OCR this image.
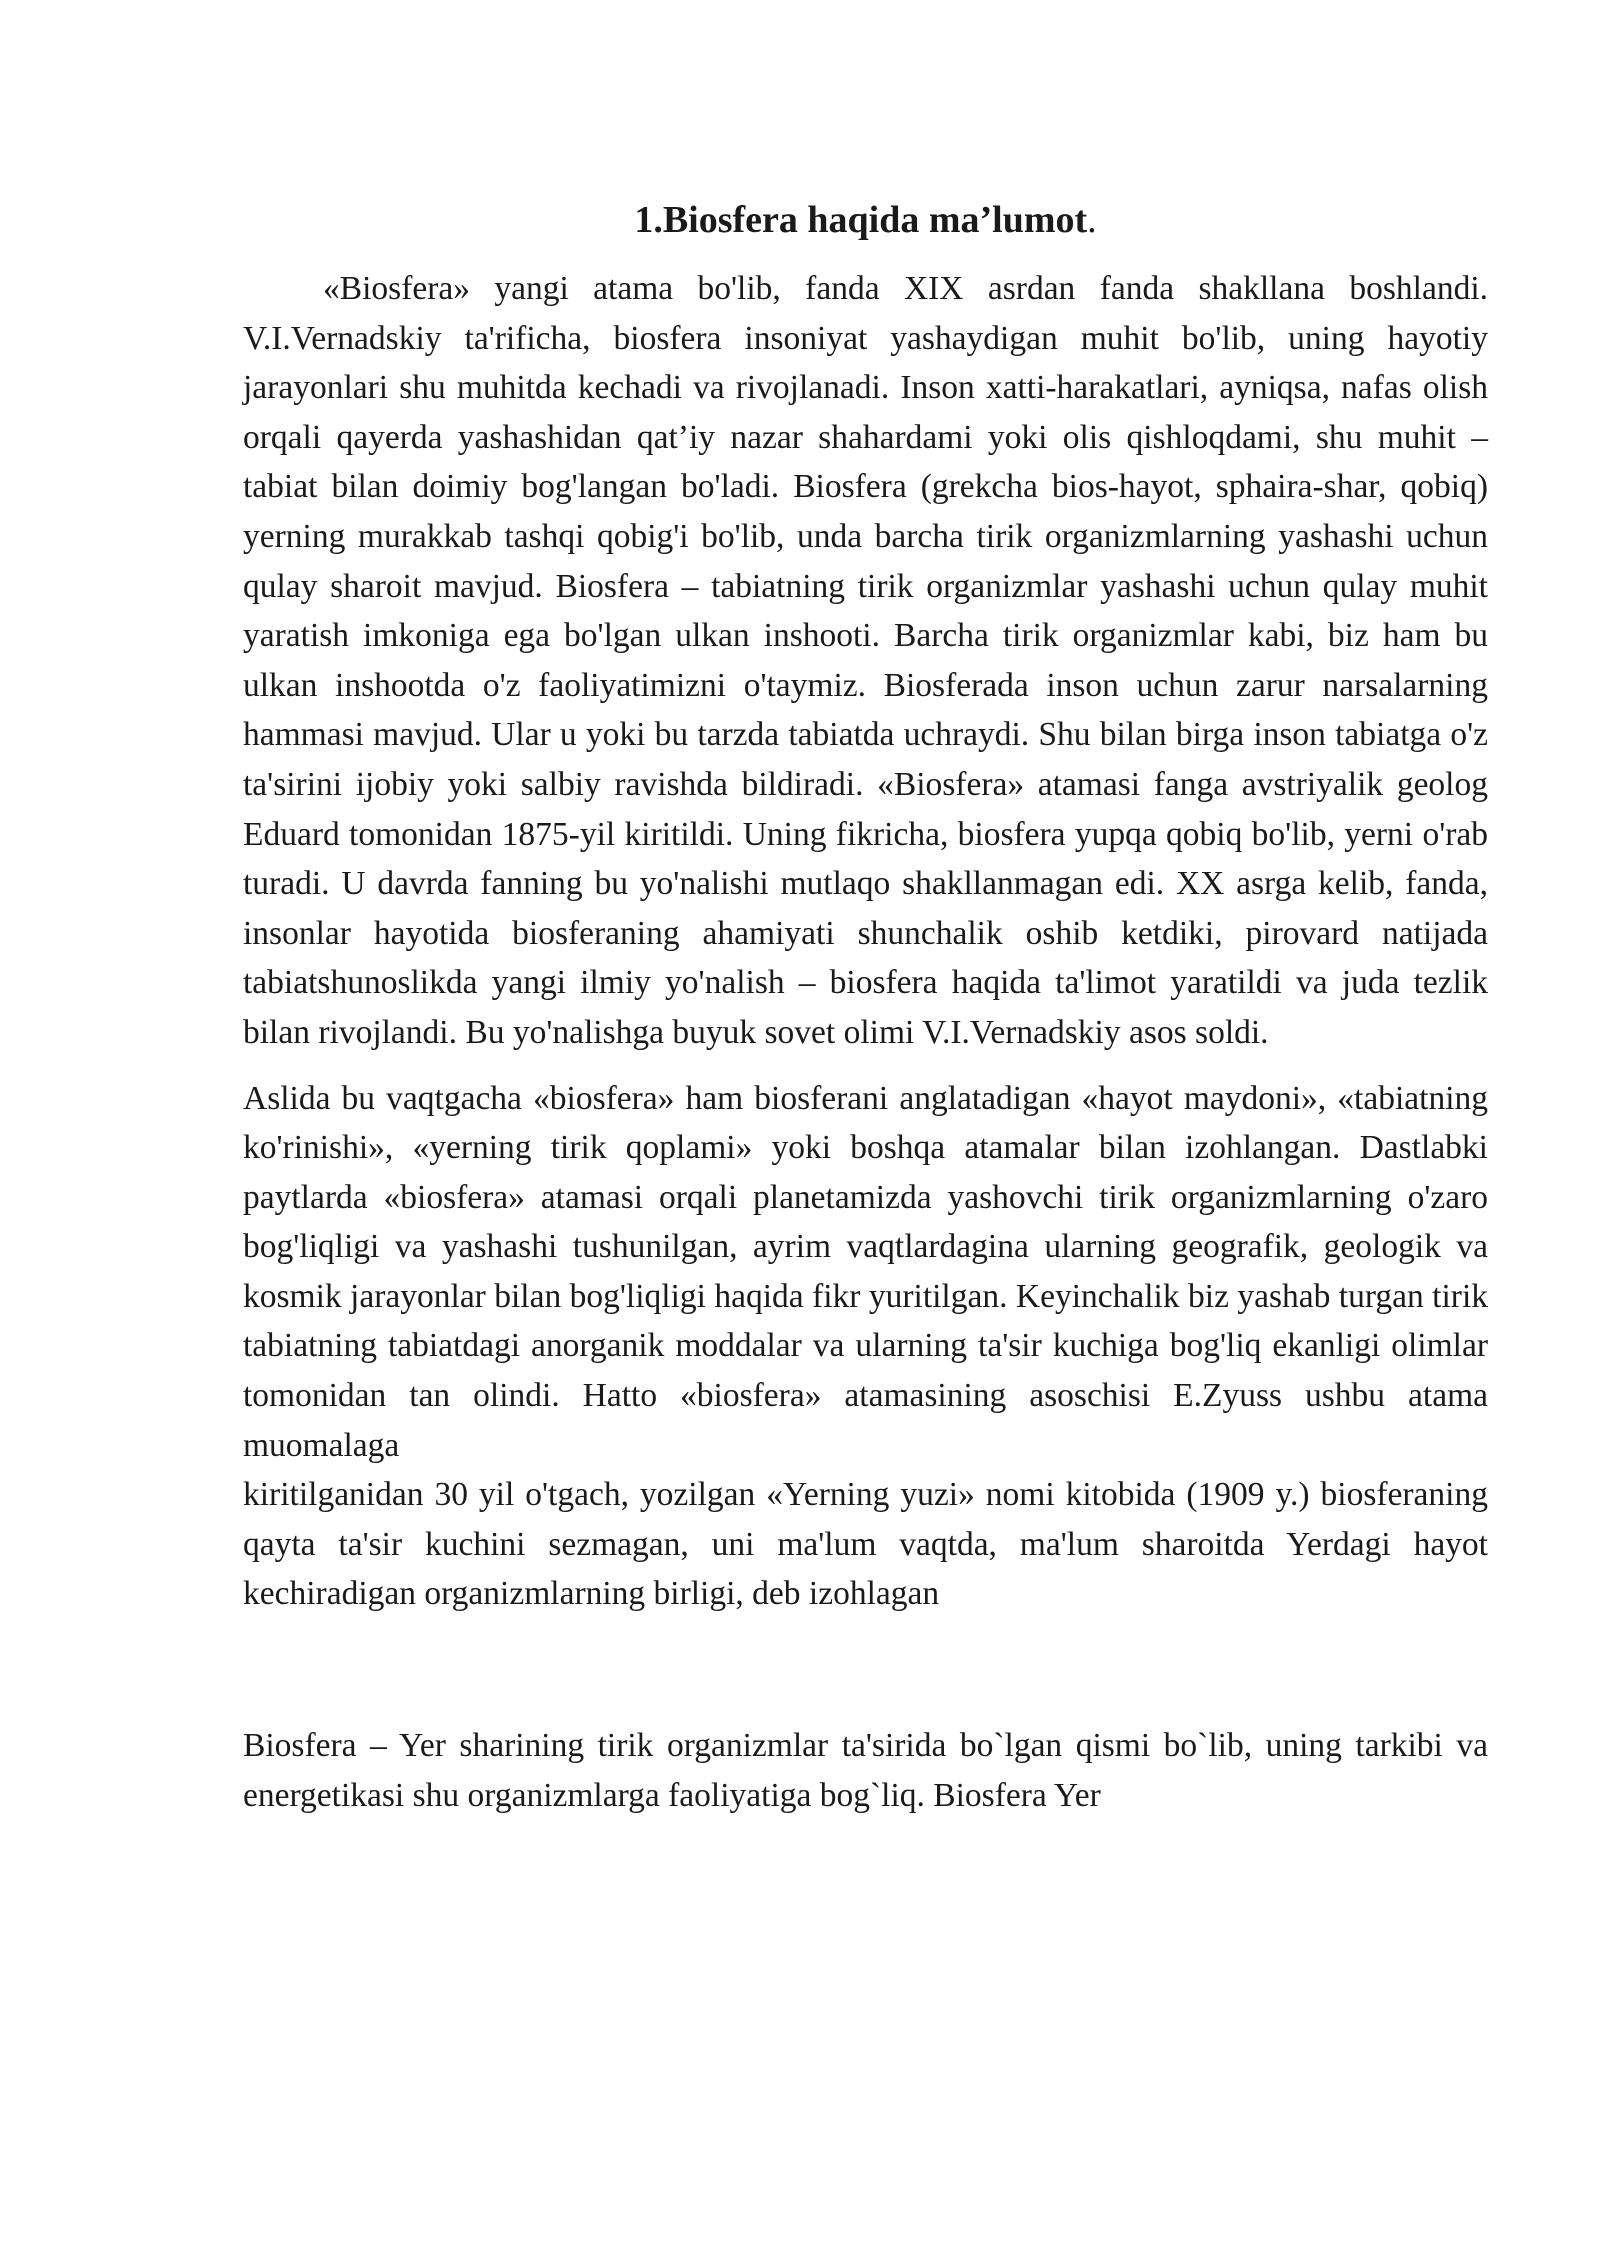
1.Biosfera haqida ma’lumot.

«Biosfera» yangi atama bo'lib, fanda XIX asrdan fanda shakllana boshlandi. V.I.Vernadskiy ta'rificha, biosfera insoniyat yashaydigan muhit bo'lib, uning hayotiy jarayonlari shu muhitda kechadi va rivojlanadi. Inson xatti-harakatlari, ayniqsa, nafas olish orqali qayerda yashashidan qat’iy nazar shahardami yoki olis qishloqdami, shu muhit – tabiat bilan doimiy bog'langan bo'ladi. Biosfera (grekcha bios-hayot, sphaira-shar, qobiq) yerning murakkab tashqi qobig'i bo'lib, unda barcha tirik organizmlarning yashashi uchun qulay sharoit mavjud. Biosfera – tabiatning tirik organizmlar yashashi uchun qulay muhit yaratish imkoniga ega bo'lgan ulkan inshooti. Barcha tirik organizmlar kabi, biz ham bu ulkan inshootda o'z faoliyatimizni o'taymiz. Biosferada inson uchun zarur narsalarning hammasi mavjud. Ular u yoki bu tarzda tabiatda uchraydi. Shu bilan birga inson tabiatga o'z ta'sirini ijobiy yoki salbiy ravishda bildiradi. «Biosfera» atamasi fanga avstriyalik geolog Eduard tomonidan 1875-yil kiritildi. Uning fikricha, biosfera yupqa qobiq bo'lib, yerni o'rab turadi. U davrda fanning bu yo'nalishi mutlaqo shakllanmagan edi. XX asrga kelib, fanda, insonlar hayotida biosferaning ahamiyati shunchalik oshib ketdiki, pirovard natijada tabiatshunoslikda yangi ilmiy yo'nalish – biosfera haqida ta'limot yaratildi va juda tezlik bilan rivojlandi. Bu yo'nalishga buyuk sovet olimi V.I.Vernadskiy asos soldi.

Aslida bu vaqtgacha «biosfera» ham biosferani anglatadigan «hayot maydoni», «tabiatning ko'rinishi», «yerning tirik qoplami» yoki boshqa atamalar bilan izohlangan. Dastlabki paytlarda «biosfera» atamasi orqali planetamizda yashovchi tirik organizmlarning o'zaro bog'liqligi va yashashi tushunilgan, ayrim vaqtlardagina ularning geografik, geologik va kosmik jarayonlar bilan bog'liqligi haqida fikr yuritilgan. Keyinchalik biz yashab turgan tirik tabiatning tabiatdagi anorganik moddalar va ularning ta'sir kuchiga bog'liq ekanligi olimlar tomonidan tan olindi. Hatto «biosfera» atamasining asoschisi E.Zyuss ushbu atama muomalaga

kiritilganidan 30 yil o'tgach, yozilgan «Yerning yuzi» nomi kitobida (1909 y.) biosferaning qayta ta'sir kuchini sezmagan, uni ma'lum vaqtda, ma'lum sharoitda Yerdagi hayot kechiradigan organizmlarning birligi, deb izohlagan

Biosfera – Yer sharining tirik organizmlar ta'sirida bo`lgan qismi bo`lib, uning tarkibi va energetikasi shu organizmlarga faoliyatiga bog`liq. Biosfera Yer
